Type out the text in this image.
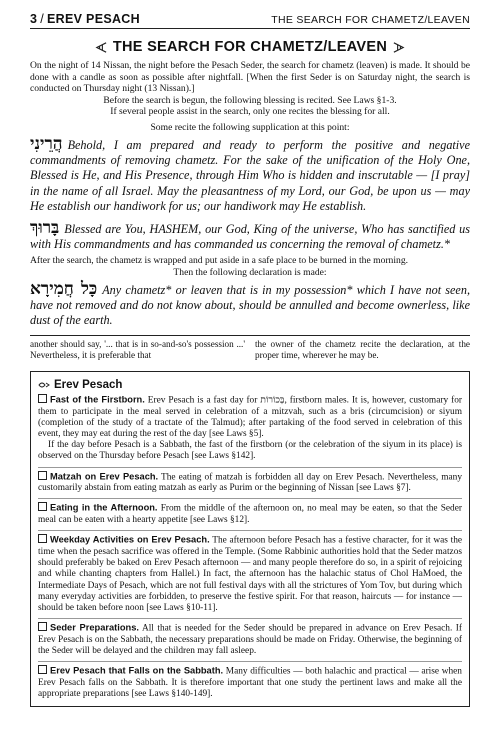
3 / EREV PESACH	THE SEARCH FOR CHAMETZ/LEAVEN
THE SEARCH FOR CHAMETZ/LEAVEN
On the night of 14 Nissan, the night before the Pesach Seder, the search for chametz (leaven) is made. It should be done with a candle as soon as possible after nightfall. [When the first Seder is on Saturday night, the search is conducted on Thursday night (13 Nissan).]
Before the search is begun, the following blessing is recited. See Laws §1-3.
If several people assist in the search, only one recites the blessing for all.
Some recite the following supplication at this point:
הֲרֵינִי Behold, I am prepared and ready to perform the positive and negative commandments of removing chametz. For the sake of the unification of the Holy One, Blessed is He, and His Presence, through Him Who is hidden and inscrutable — [I pray] in the name of all Israel. May the pleasantness of my Lord, our God, be upon us — may He establish our handiwork for us; our handiwork may He establish.
בָּרוּךְ Blessed are You, HASHEM, our God, King of the universe, Who has sanctified us with His commandments and has commanded us concerning the removal of chametz.*
After the search, the chametz is wrapped and put aside in a safe place to be burned in the morning.
Then the following declaration is made:
כָּל חֲמִירָא Any chametz* or leaven that is in my possession* which I have not seen, have not removed and do not know about, should be annulled and become ownerless, like dust of the earth.
another should say, '... that is in so-and-so's possession ...' Nevertheless, it is preferable that
the owner of the chametz recite the declaration, at the proper time, wherever he may be.
Erev Pesach
Fast of the Firstborn. Erev Pesach is a fast day for בְּכוֹרוֹת, firstborn males. It is, however, customary for them to participate in the meal served in celebration of a mitzvah, such as a bris (circumcision) or siyum (completion of the study of a tractate of the Talmud); after partaking of the food served in celebration of this event, they may eat during the rest of the day [see Laws §5].
If the day before Pesach is a Sabbath, the fast of the firstborn (or the celebration of the siyum in its place) is observed on the Thursday before Pesach [see Laws §142].
Matzah on Erev Pesach. The eating of matzah is forbidden all day on Erev Pesach. Nevertheless, many customarily abstain from eating matzah as early as Purim or the beginning of Nissan [see Laws §7].
Eating in the Afternoon. From the middle of the afternoon on, no meal may be eaten, so that the Seder meal can be eaten with a hearty appetite [see Laws §12].
Weekday Activities on Erev Pesach. The afternoon before Pesach has a festive character, for it was the time when the pesach sacrifice was offered in the Temple. (Some Rabbinic authorities hold that the Seder matzos should preferably be baked on Erev Pesach afternoon — and many people therefore do so, in a spirit of rejoicing and while chanting chapters from Hallel.) In fact, the afternoon has the halachic status of Chol HaMoed, the Intermediate Days of Pesach, which are not full festival days with all the strictures of Yom Tov, but during which many everyday activities are forbidden, to preserve the festive spirit. For that reason, haircuts — for instance — should be taken before noon [see Laws §10-11].
Seder Preparations. All that is needed for the Seder should be prepared in advance on Erev Pesach. If Erev Pesach is on the Sabbath, the necessary preparations should be made on Friday. Otherwise, the beginning of the Seder will be delayed and the children may fall asleep.
Erev Pesach that Falls on the Sabbath. Many difficulties — both halachic and practical — arise when Erev Pesach falls on the Sabbath. It is therefore important that one study the pertinent laws and make all the appropriate preparations [see Laws §140-149].
